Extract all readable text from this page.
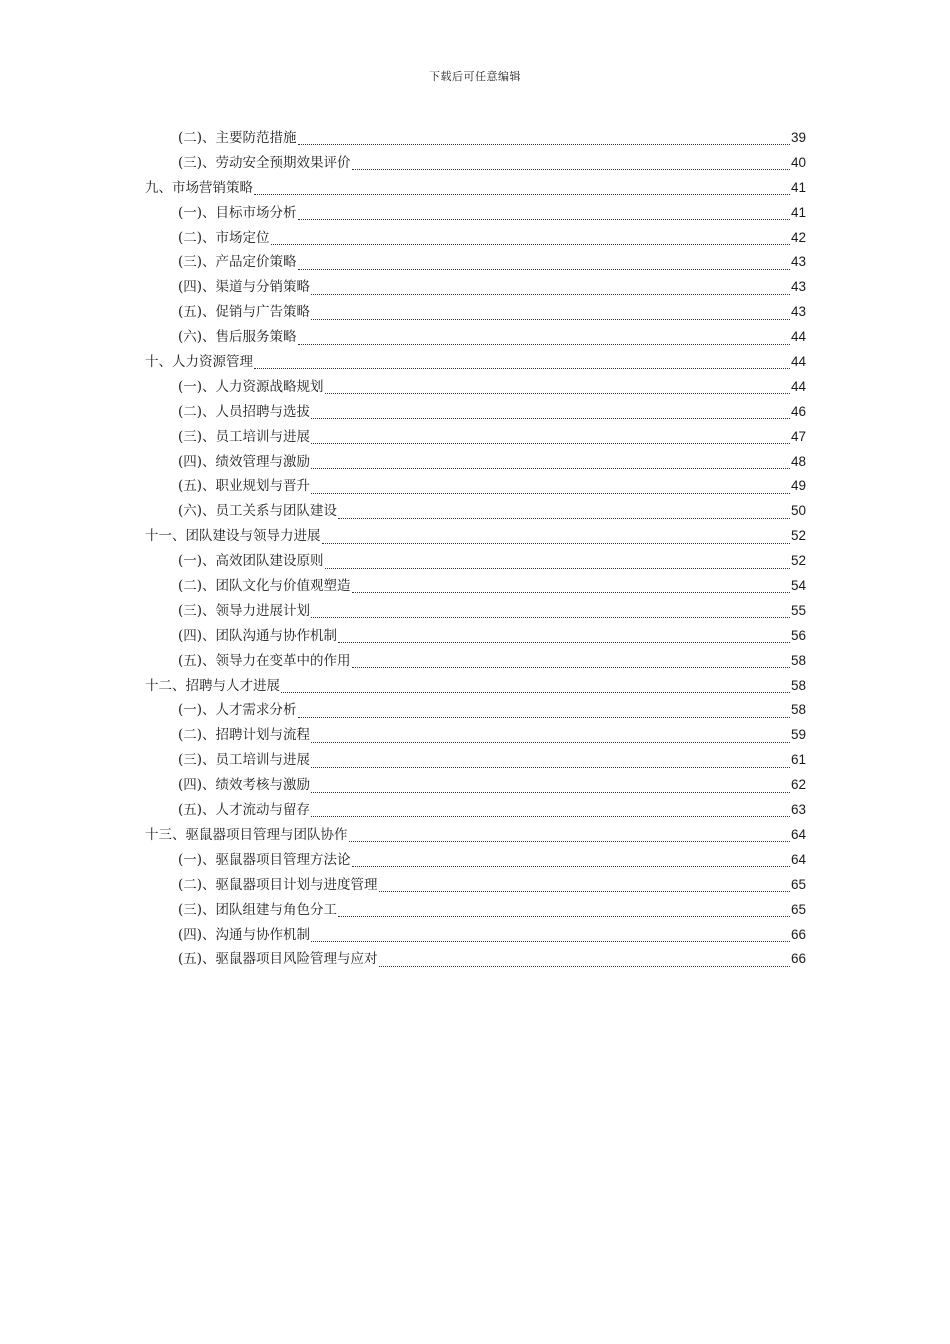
下载后可任意编辑
(二)、主要防范措施	39
(三)、劳动安全预期效果评价	40
九、市场营销策略	41
(一)、目标市场分析	41
(二)、市场定位	42
(三)、产品定价策略	43
(四)、渠道与分销策略	43
(五)、促销与广告策略	43
(六)、售后服务策略	44
十、人力资源管理	44
(一)、人力资源战略规划	44
(二)、人员招聘与选拔	46
(三)、员工培训与进展	47
(四)、绩效管理与激励	48
(五)、职业规划与晋升	49
(六)、员工关系与团队建设	50
十一、团队建设与领导力进展	52
(一)、高效团队建设原则	52
(二)、团队文化与价值观塑造	54
(三)、领导力进展计划	55
(四)、团队沟通与协作机制	56
(五)、领导力在变革中的作用	58
十二、招聘与人才进展	58
(一)、人才需求分析	58
(二)、招聘计划与流程	59
(三)、员工培训与进展	61
(四)、绩效考核与激励	62
(五)、人才流动与留存	63
十三、驱鼠器项目管理与团队协作	64
(一)、驱鼠器项目管理方法论	64
(二)、驱鼠器项目计划与进度管理	65
(三)、团队组建与角色分工	65
(四)、沟通与协作机制	66
(五)、驱鼠器项目风险管理与应对	66
